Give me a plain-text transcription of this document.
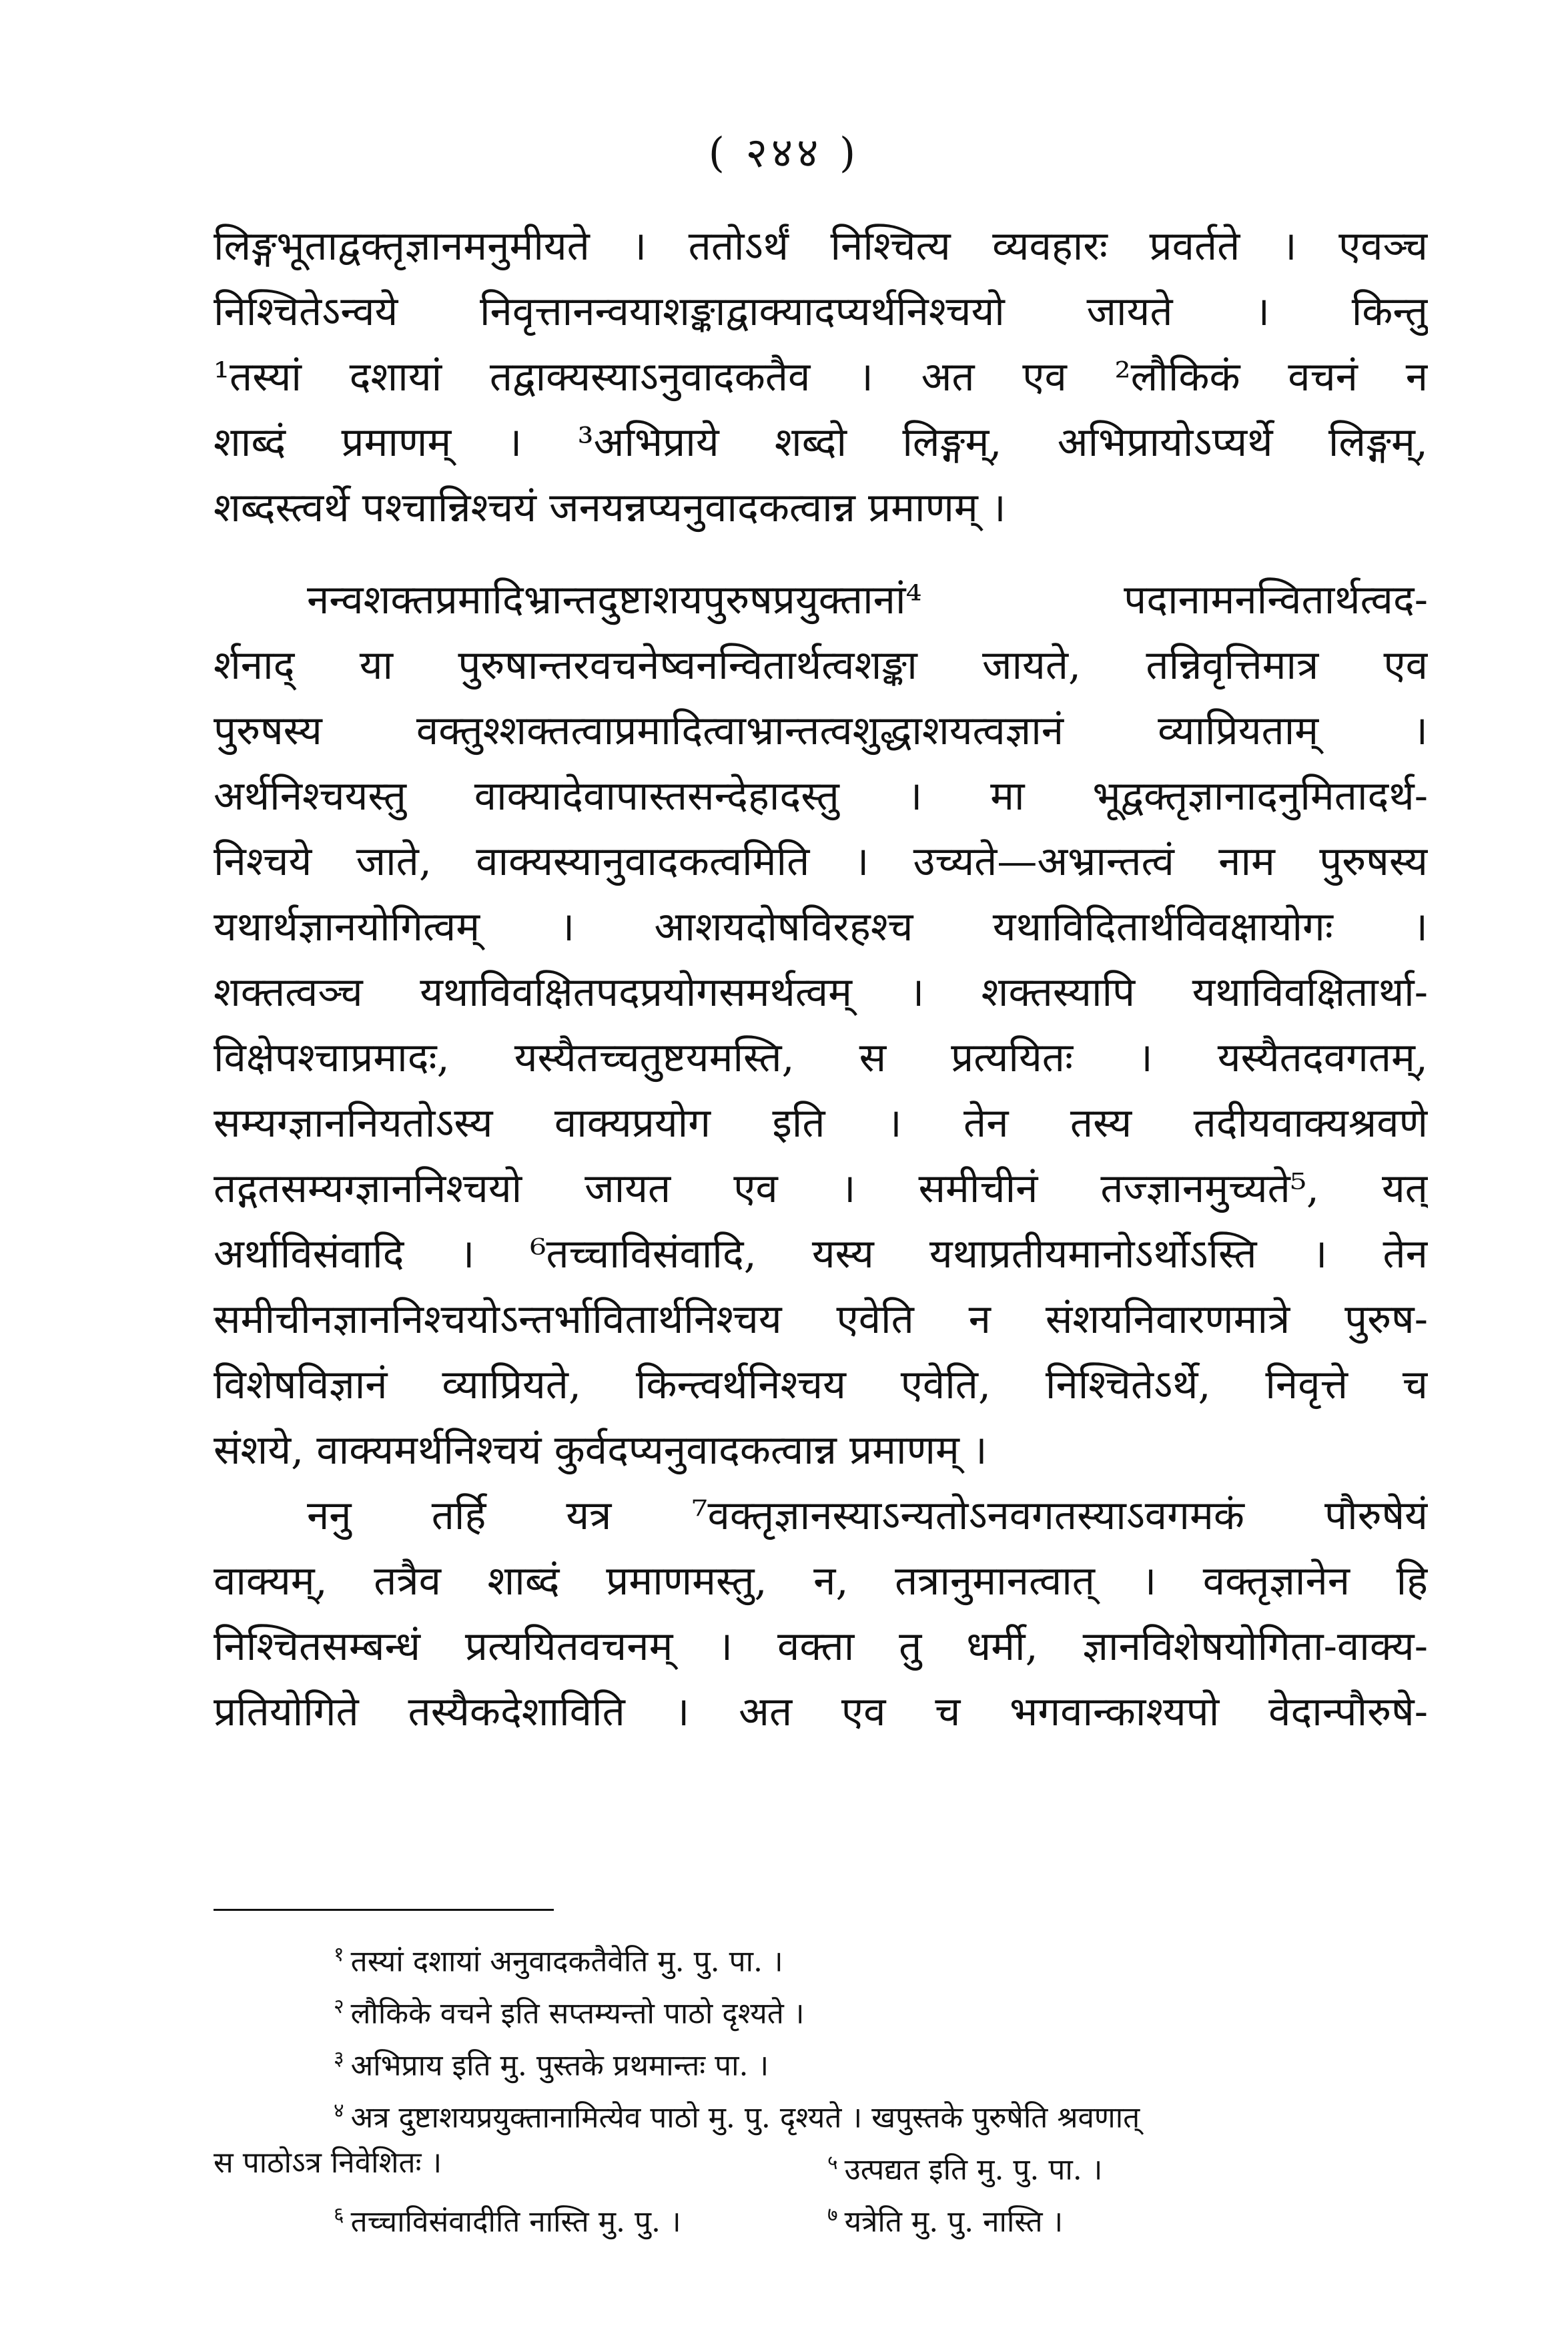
( २४४ )
लिङ्गभूताद्वक्तृज्ञानमनुमीयते । ततोऽर्थं निश्चित्य व्यवहारः प्रवर्तते । एवञ्च
निश्चितेऽन्वये निवृत्तानन्वयाशङ्काद्वाक्यादप्यर्थनिश्चयो जायते । किन्तु
¹तस्यां दशायां तद्वाक्यस्याऽनुवादकतैव । अत एव ²लौकिकं वचनं न
शाब्दं प्रमाणम् । ³अभिप्राये शब्दो लिङ्गम्, अभिप्रायोऽप्यर्थे लिङ्गम्,
शब्दस्त्वर्थे पश्चान्निश्चयं जनयन्नप्यनुवादकत्वान्न प्रमाणम् ।
नन्वशक्तप्रमादिभ्रान्तदुष्टाशयपुरुषप्रयुक्तानां⁴ पदानामनन्वितार्थत्वद-
र्शनाद् या पुरुषान्तरवचनेष्वनन्वितार्थत्वशङ्का जायते, तन्निवृत्तिमात्र एव
पुरुषस्य वक्तुश्शक्तत्वाप्रमादित्वाभ्रान्तत्वशुद्धाशयत्वज्ञानं व्याप्रियताम् ।
अर्थनिश्चयस्तु वाक्यादेवापास्तसन्देहादस्तु । मा भूद्वक्तृज्ञानादनुमितादर्थ-
निश्चये जाते, वाक्यस्यानुवादकत्वमिति । उच्यते—अभ्रान्तत्वं नाम पुरुषस्य
यथार्थज्ञानयोगित्वम् । आशयदोषविरहश्च यथाविदितार्थविवक्षायोगः ।
शक्तत्वञ्च यथाविवक्षितपदप्रयोगसमर्थत्वम् । शक्तस्यापि यथाविवक्षितार्था-
विक्षेपश्चाप्रमादः, यस्यैतच्चतुष्टयमस्ति, स प्रत्ययितः । यस्यैतदवगतम्,
सम्यग्ज्ञाननियतोऽस्य वाक्यप्रयोग इति । तेन तस्य तदीयवाक्यश्रवणे
तद्गतसम्यग्ज्ञाननिश्चयो जायत एव । समीचीनं तज्ज्ञानमुच्यते⁵, यत्
अर्थाविसंवादि । ⁶तच्चाविसंवादि, यस्य यथाप्रतीयमानोऽर्थोऽस्ति । तेन
समीचीनज्ञाननिश्चयोऽन्तर्भावितार्थनिश्चय एवेति न संशयनिवारणमात्रे पुरुष-
विशेषविज्ञानं व्याप्रियते, किन्त्वर्थनिश्चय एवेति, निश्चितेऽर्थे, निवृत्ते च
संशये, वाक्यमर्थनिश्चयं कुर्वदप्यनुवादकत्वान्न प्रमाणम् ।
ननु तर्हि यत्र ⁷वक्तृज्ञानस्याऽन्यतोऽनवगतस्याऽवगमकं पौरुषेयं
वाक्यम्, तत्रैव शाब्दं प्रमाणमस्तु, न, तत्रानुमानत्वात् । वक्तृज्ञानेन हि
निश्चितसम्बन्धं प्रत्ययितवचनम् । वक्ता तु धर्मी, ज्ञानविशेषयोगिता-वाक्य-
प्रतियोगिते तस्यैकदेशाविति । अत एव च भगवान्काश्यपो वेदान्पौरुषे-
$^१$ तस्यां दशायां अनुवादकतैवेति मु. पु. पा. ।
$^२$ लौकिके वचने इति सप्तम्यन्तो पाठो दृश्यते ।
$^३$ अभिप्राय इति मु. पुस्तके प्रथमान्तः पा. ।
$^४$ अत्र दुष्टाशयप्रयुक्तानामित्येव पाठो मु. पु. दृश्यते । खपुस्तके पुरुषेति श्रवणात्
स पाठोऽत्र निवेशितः ।	$^५$ उत्पद्यत इति मु. पु. पा. ।
$^६$ तच्चाविसंवादीति नास्ति मु. पु. ।	$^७$ यत्रेति मु. पु. नास्ति ।
